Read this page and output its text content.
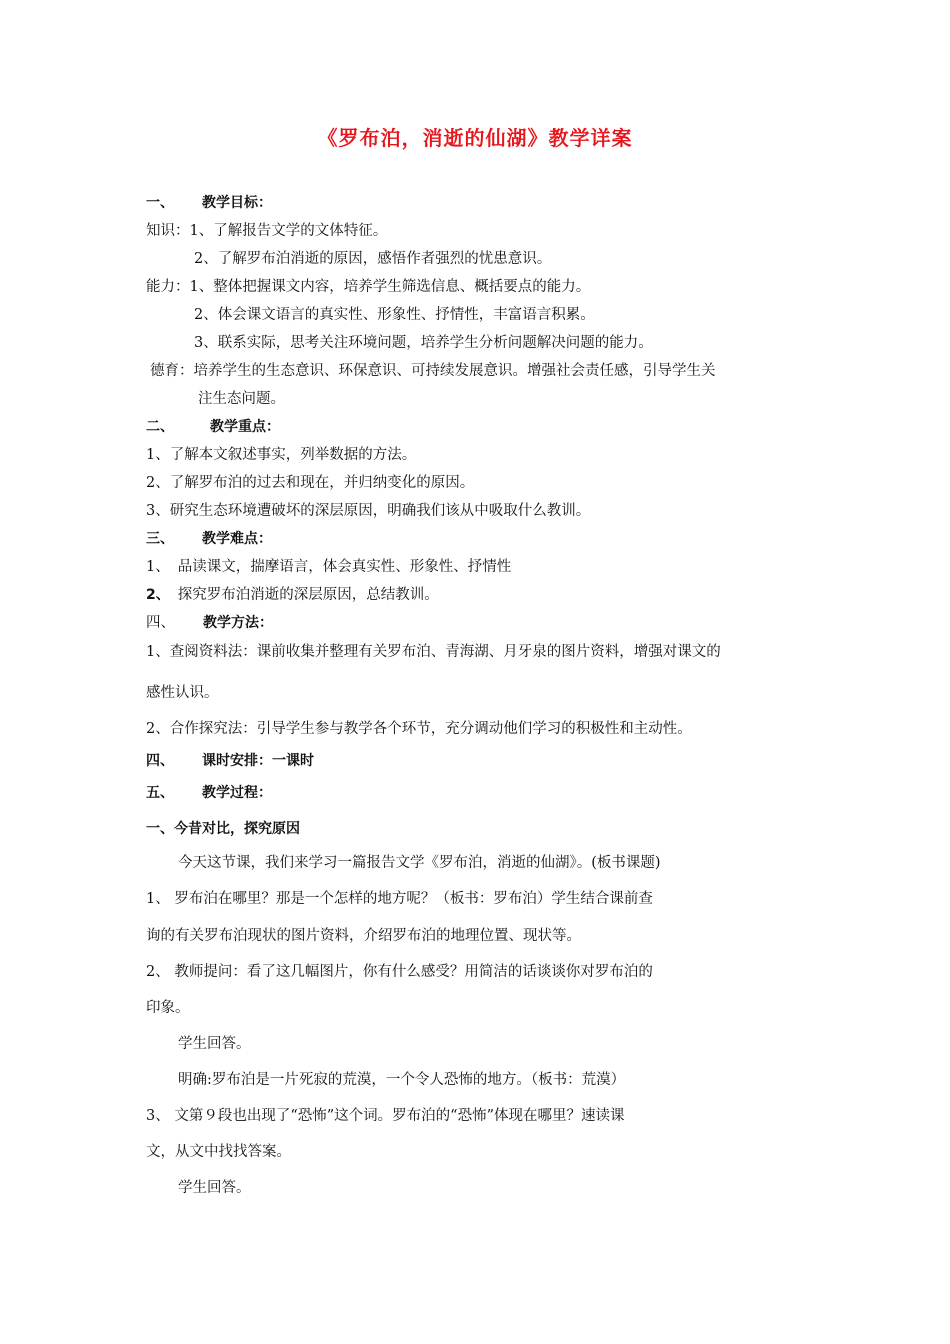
《罗布泊，消逝的仙湖》教学详案
一、 教学目标：
知识：1、了解报告文学的文体特征。
2、了解罗布泊消逝的原因，感悟作者强烈的忧患意识。
能力：1、整体把握课文内容，培养学生筛选信息、概括要点的能力。
2、体会课文语言的真实性、形象性、抒情性，丰富语言积累。
3、联系实际，思考关注环境问题，培养学生分析问题解决问题的能力。
德育：培养学生的生态意识、环保意识、可持续发展意识。增强社会责任感，引导学生关
注生态问题。
二、	教学重点：
1、了解本文叙述事实，列举数据的方法。
2、了解罗布泊的过去和现在，并归纳变化的原因。
3、研究生态环境遭破坏的深层原因，明确我们该从中吸取什么教训。
三、 教学难点：
1、 品读课文，揣摩语言，体会真实性、形象性、抒情性
2、 探究罗布泊消逝的深层原因，总结教训。
四、 教学方法：
1、查阅资料法：课前收集并整理有关罗布泊、青海湖、月牙泉的图片资料，增强对课文的
感性认识。
2、合作探究法：引导学生参与教学各个环节，充分调动他们学习的积极性和主动性。
四、 课时安排：一课时
五、 教学过程：
一、今昔对比，探究原因
今天这节课，我们来学习一篇报告文学《罗布泊，消逝的仙湖》。(板书课题)
1、 罗布泊在哪里？那是一个怎样的地方呢？（板书：罗布泊）学生结合课前查
询的有关罗布泊现状的图片资料，介绍罗布泊的地理位置、现状等。
2、 教师提问：看了这几幅图片，你有什么感受？用简洁的话谈谈你对罗布泊的
印象。
学生回答。
明确:罗布泊是一片死寂的荒漠，一个令人恐怖的地方。（板书：荒漠）
3、 文第９段也出现了“恐怖”这个词。罗布泊的“恐怖”体现在哪里？速读课
文，从文中找找答案。
学生回答。
